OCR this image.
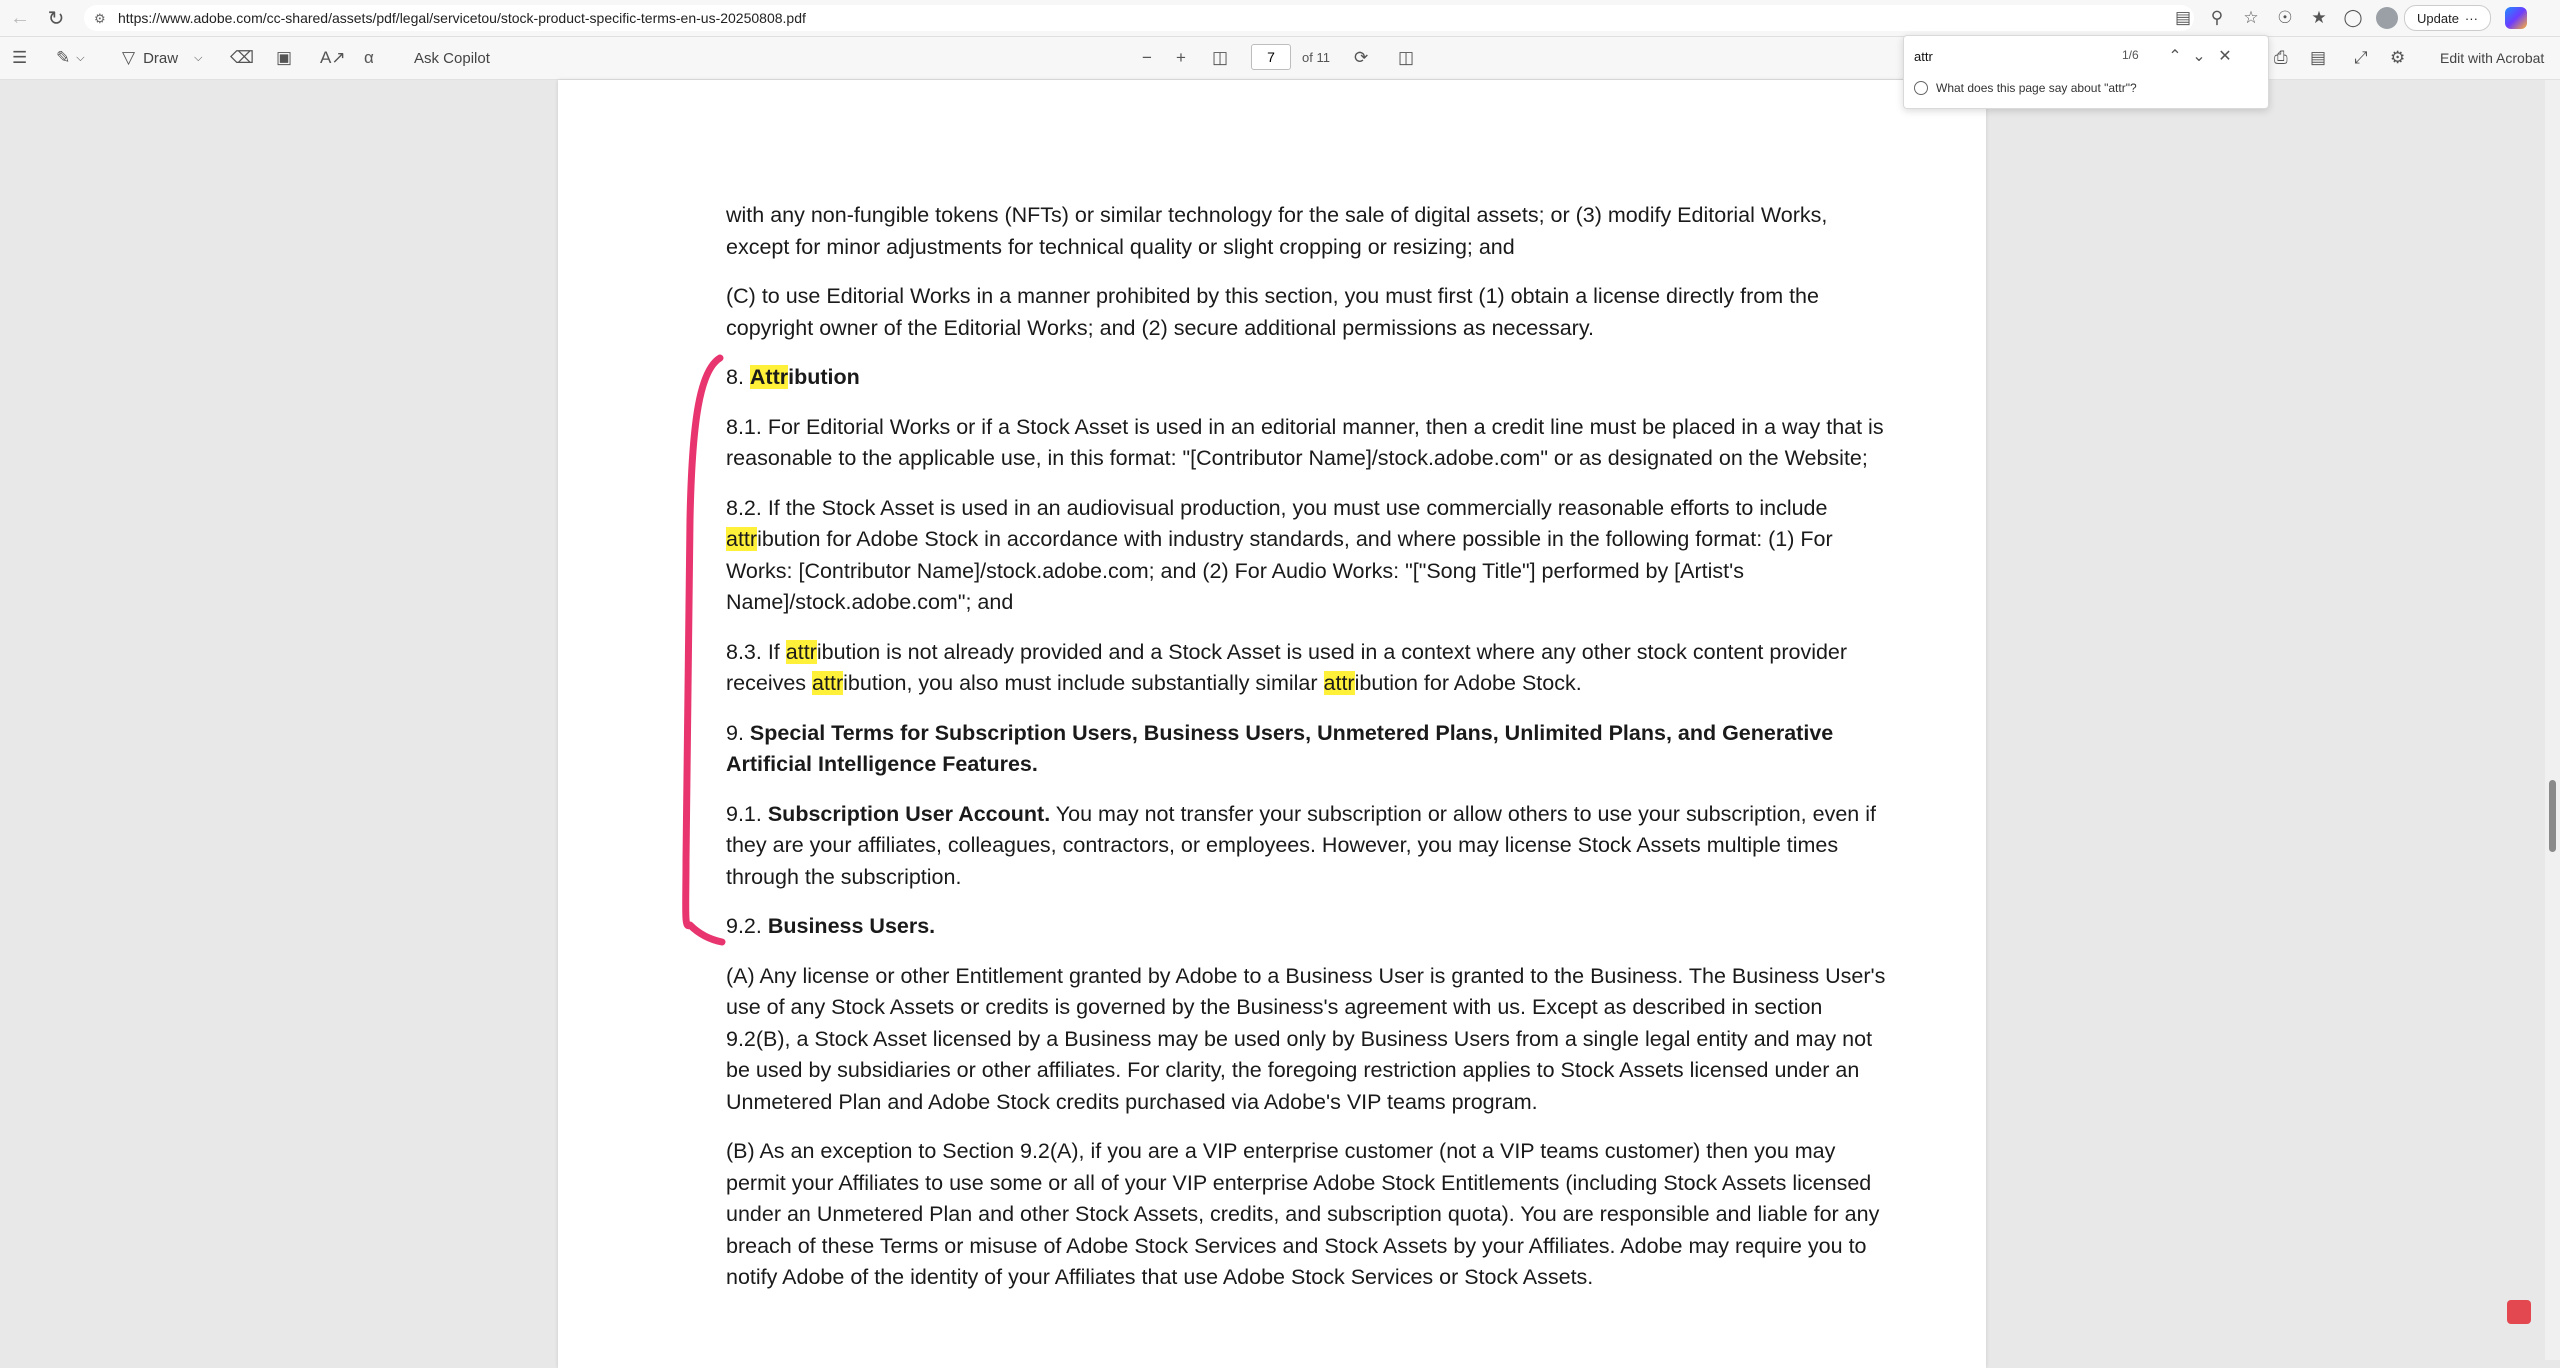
← ↻	⚙ https://www.adobe.com/cc-shared/assets/pdf/legal/servicetou/stock-product-specific-terms-en-us-20250808.pdf	▤	⚲	☆	☉	★ ◯	Update ···
☰ ✎ ⌵ ▽ Draw ⌵ ⌫ ▣ A↗ α	Ask Copilot	− + ◫
7	of 11 ⟳ ◫	⎙ ▤ ⤢ ⚙ Edit with Acrobat
attr
1/6	⌃ ⌄ ✕
What does this page say about "attr"?

with any non-fungible tokens (NFTs) or similar technology for the sale of digital assets; or (3) modify Editorial Works, except for minor adjustments for technical quality or slight cropping or resizing; and

(C) to use Editorial Works in a manner prohibited by this section, you must first (1) obtain a license directly from the copyright owner of the Editorial Works; and (2) secure additional permissions as necessary.

8. Attribution

8.1. For Editorial Works or if a Stock Asset is used in an editorial manner, then a credit line must be placed in a way that is reasonable to the applicable use, in this format: "[Contributor Name]/stock.adobe.com" or as designated on the Website;

8.2. If the Stock Asset is used in an audiovisual production, you must use commercially reasonable efforts to include attribution for Adobe Stock in accordance with industry standards, and where possible in the following format: (1) For Works: [Contributor Name]/stock.adobe.com; and (2) For Audio Works: "["Song Title"] performed by [Artist's Name]/stock.adobe.com"; and

8.3. If attribution is not already provided and a Stock Asset is used in a context where any other stock content provider receives attribution, you also must include substantially similar attribution for Adobe Stock.

9. Special Terms for Subscription Users, Business Users, Unmetered Plans, Unlimited Plans, and Generative Artificial Intelligence Features.

9.1. Subscription User Account. You may not transfer your subscription or allow others to use your subscription, even if they are your affiliates, colleagues, contractors, or employees. However, you may license Stock Assets multiple times through the subscription.

9.2. Business Users.

(A) Any license or other Entitlement granted by Adobe to a Business User is granted to the Business. The Business User's use of any Stock Assets or credits is governed by the Business's agreement with us. Except as described in section 9.2(B), a Stock Asset licensed by a Business may be used only by Business Users from a single legal entity and may not be used by subsidiaries or other affiliates. For clarity, the foregoing restriction applies to Stock Assets licensed under an Unmetered Plan and Adobe Stock credits purchased via Adobe's VIP teams program.

(B) As an exception to Section 9.2(A), if you are a VIP enterprise customer (not a VIP teams customer) then you may permit your Affiliates to use some or all of your VIP enterprise Adobe Stock Entitlements (including Stock Assets licensed under an Unmetered Plan and other Stock Assets, credits, and subscription quota). You are responsible and liable for any breach of these Terms or misuse of Adobe Stock Services and Stock Assets by your Affiliates. Adobe may require you to notify Adobe of the identity of your Affiliates that use Adobe Stock Services or Stock Assets.
